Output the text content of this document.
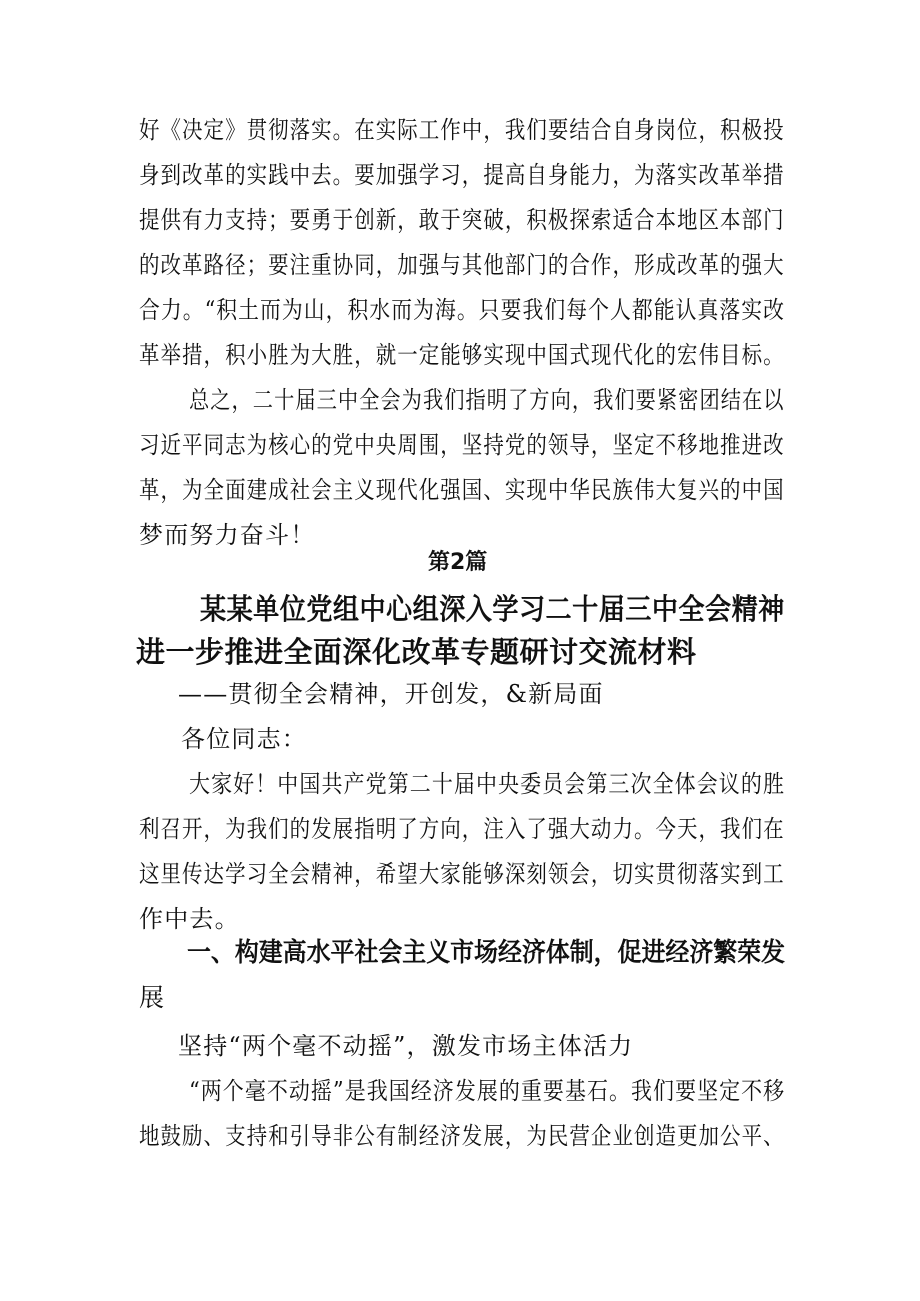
好《决定》贯彻落实。在实际工作中，我们要结合自身岗位，积极投
身到改革的实践中去。要加强学习，提高自身能力，为落实改革举措
提供有力支持；要勇于创新，敢于突破，积极探索适合本地区本部门
的改革路径；要注重协同，加强与其他部门的合作，形成改革的强大
合力。“积土而为山，积水而为海。只要我们每个人都能认真落实改
革举措，积小胜为大胜，就一定能够实现中国式现代化的宏伟目标。
总之，二十届三中全会为我们指明了方向，我们要紧密团结在以
习近平同志为核心的党中央周围，坚持党的领导，坚定不移地推进改
革，为全面建成社会主义现代化强国、实现中华民族伟大复兴的中国
梦而努力奋斗！
第2篇
某某单位党组中心组深入学习二十届三中全会精神
进一步推进全面深化改革专题研讨交流材料
——贯彻全会精神，开创发，&新局面
各位同志：
大家好！中国共产党第二十届中央委员会第三次全体会议的胜
利召开，为我们的发展指明了方向，注入了强大动力。今天，我们在
这里传达学习全会精神，希望大家能够深刻领会，切实贯彻落实到工
作中去。
一、构建高水平社会主义市场经济体制，促进经济繁荣发
展
坚持“两个毫不动摇”，激发市场主体活力
“两个毫不动摇”是我国经济发展的重要基石。我们要坚定不移
地鼓励、支持和引导非公有制经济发展，为民营企业创造更加公平、
